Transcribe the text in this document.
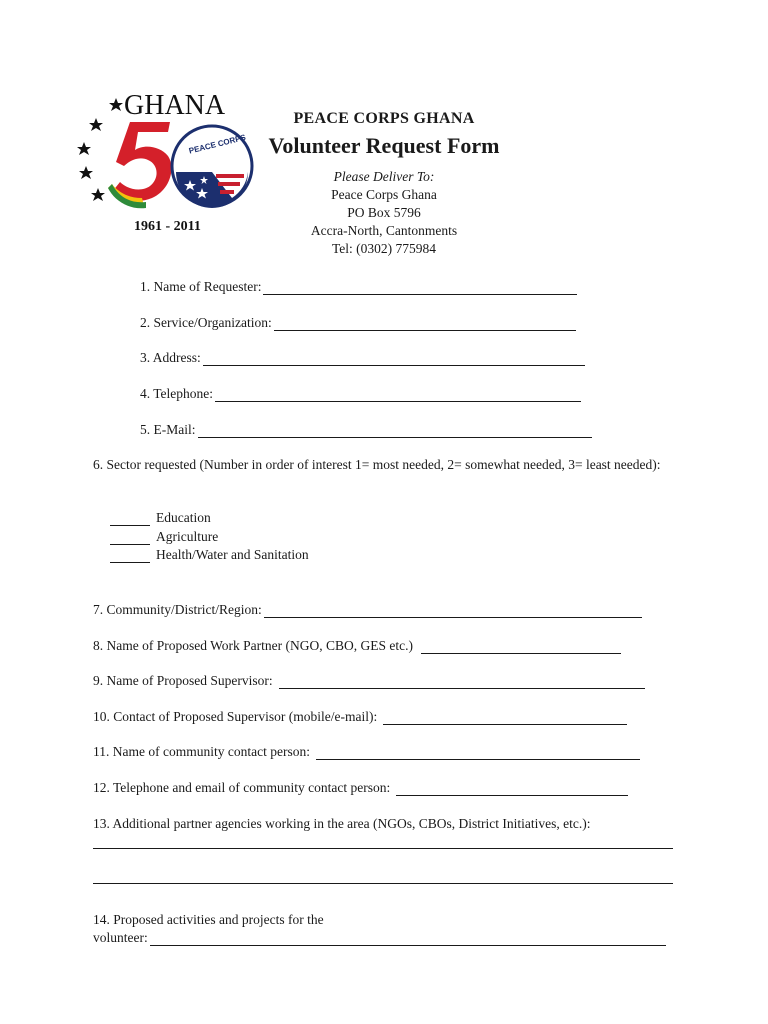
GHANA
PEACE CORPS
1961 - 2011
PEACE CORPS GHANA
Volunteer Request Form
Please Deliver To:
Peace Corps Ghana
PO Box 5796
Accra-North, Cantonments
Tel: (0302) 775984
1. Name of Requester:
2. Service/Organization:
3. Address:
4. Telephone:
5. E-Mail:
6. Sector requested (Number in order of interest 1= most needed, 2= somewhat needed, 3= least needed):
Education
Agriculture
Health/Water and Sanitation
7. Community/District/Region:
8. Name of Proposed Work Partner (NGO, CBO, GES etc.)
9. Name of Proposed Supervisor:
10. Contact of Proposed Supervisor (mobile/e-mail):
11. Name of community contact person:
12. Telephone and email of community contact person:
13. Additional partner agencies working in the area (NGOs, CBOs, District Initiatives, etc.):
14. Proposed activities and projects for the
volunteer:
